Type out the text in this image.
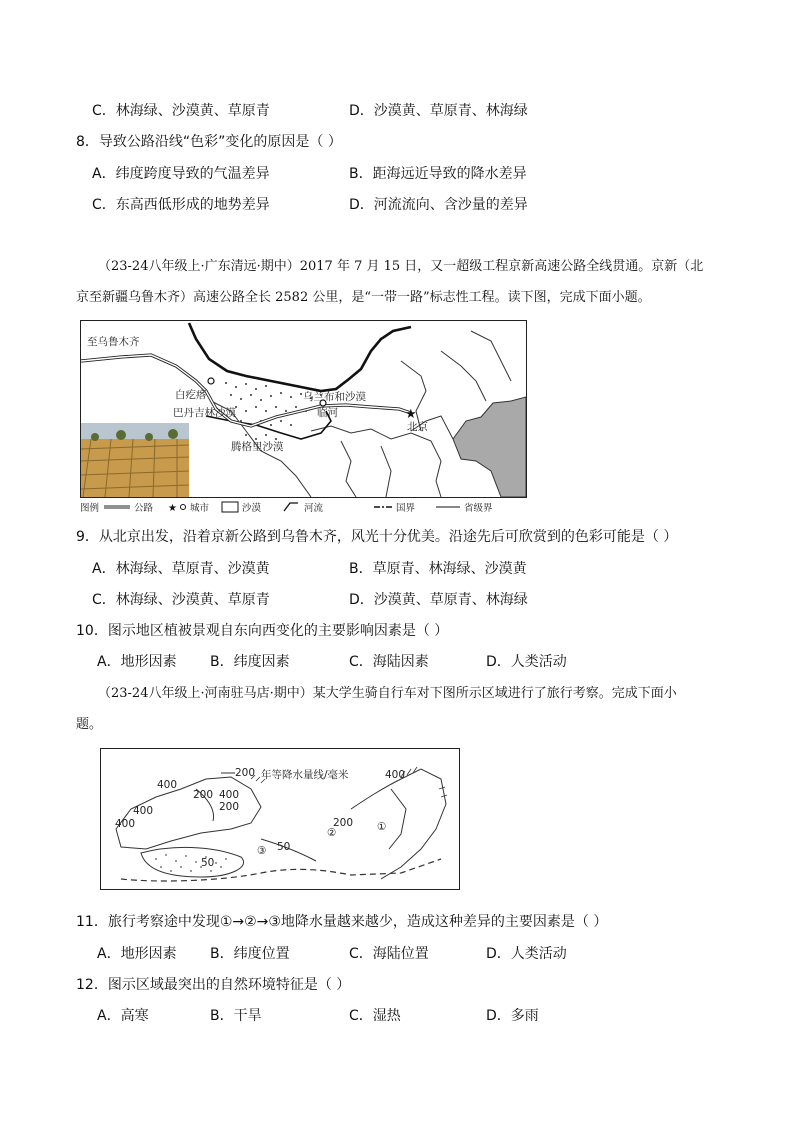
C．林海绿、沙漠黄、草原青	D．沙漠黄、草原青、林海绿
8．导致公路沿线“色彩”变化的原因是（ ）
A．纬度跨度导致的气温差异	B．距海远近导致的降水差异
C．东高西低形成的地势差异	D．河流流向、含沙量的差异
（23-24八年级上·广东清远·期中）2017 年 7 月 15 日，又一超级工程京新高速公路全线贯通。京新（北
京至新疆乌鲁木齐）高速公路全长 2582 公里，是“一带一路”标志性工程。读下图，完成下面小题。
★
至乌鲁木齐
白疙瘩
巴丹吉林沙漠
乌兰布和沙漠
临河
北京
腾格里沙漠
图例	★
公路	城市	沙漠	河流	国界	省级界
9．从北京出发，沿着京新公路到乌鲁木齐，风光十分优美。沿途先后可欣赏到的色彩可能是（ ）
A．林海绿、草原青、沙漠黄	B．草原青、林海绿、沙漠黄
C．林海绿、沙漠黄、草原青	D．沙漠黄、草原青、林海绿
10．图示地区植被景观自东向西变化的主要影响因素是（ ）
A．地形因素 B．纬度因素	C．海陆因素	D．人类活动
（23-24八年级上·河南驻马店·期中）某大学生骑自行车对下图所示区域进行了旅行考察。完成下面小
题。
200 年等降水量线/毫米
400
400
400
200 400
200
50
50
400
200 ①
②
③
11．旅行考察途中发现①→②→③地降水量越来越少，造成这种差异的主要因素是（ ）
A．地形因素 B．纬度位置	C．海陆位置	D．人类活动
12．图示区域最突出的自然环境特征是（ ）
A．高寒	B．干旱	C．湿热	D．多雨
